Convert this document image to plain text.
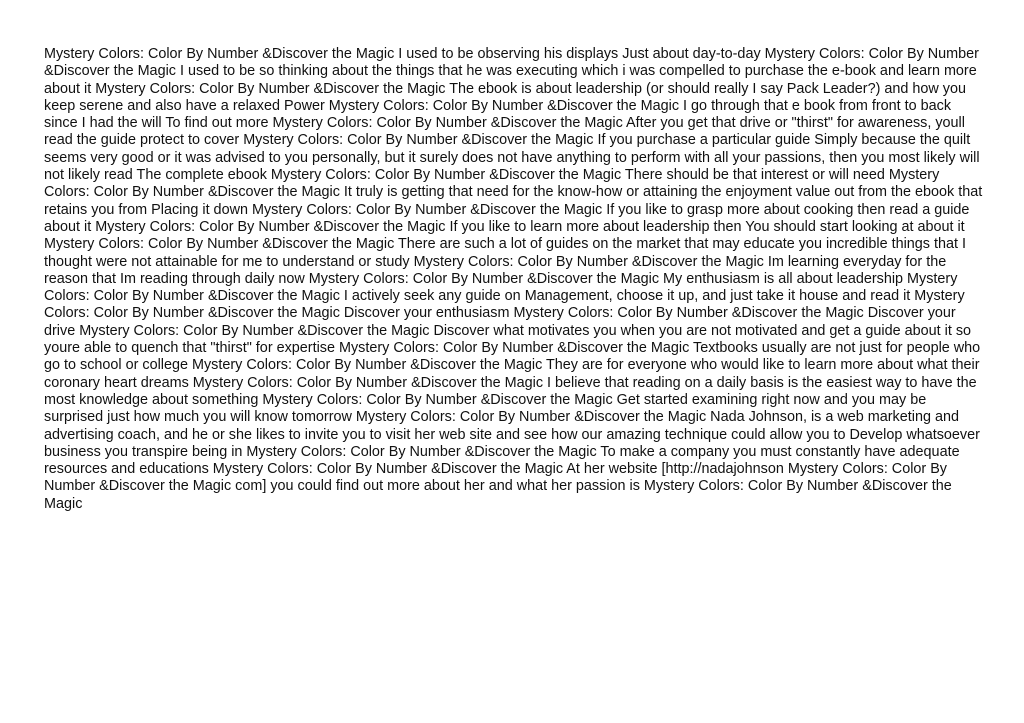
Mystery Colors: Color By Number &Discover the Magic I used to be observing his displays Just about day-to-day Mystery Colors: Color By Number &Discover the Magic I used to be so thinking about the things that he was executing which i was compelled to purchase the e-book and learn more about it Mystery Colors: Color By Number &Discover the Magic The ebook is about leadership (or should really I say Pack Leader?) and how you keep serene and also have a relaxed Power Mystery Colors: Color By Number &Discover the Magic I go through that e book from front to back since I had the will To find out more Mystery Colors: Color By Number &Discover the Magic After you get that drive or "thirst" for awareness, youll read the guide protect to cover Mystery Colors: Color By Number &Discover the Magic If you purchase a particular guide Simply because the quilt seems very good or it was advised to you personally, but it surely does not have anything to perform with all your passions, then you most likely will not likely read The complete ebook Mystery Colors: Color By Number &Discover the Magic There should be that interest or will need Mystery Colors: Color By Number &Discover the Magic It truly is getting that need for the know-how or attaining the enjoyment value out from the ebook that retains you from Placing it down Mystery Colors: Color By Number &Discover the Magic If you like to grasp more about cooking then read a guide about it Mystery Colors: Color By Number &Discover the Magic If you like to learn more about leadership then You should start looking at about it Mystery Colors: Color By Number &Discover the Magic There are such a lot of guides on the market that may educate you incredible things that I thought were not attainable for me to understand or study Mystery Colors: Color By Number &Discover the Magic Im learning everyday for the reason that Im reading through daily now Mystery Colors: Color By Number &Discover the Magic My enthusiasm is all about leadership Mystery Colors: Color By Number &Discover the Magic I actively seek any guide on Management, choose it up, and just take it house and read it Mystery Colors: Color By Number &Discover the Magic Discover your enthusiasm Mystery Colors: Color By Number &Discover the Magic Discover your drive Mystery Colors: Color By Number &Discover the Magic Discover what motivates you when you are not motivated and get a guide about it so youre able to quench that "thirst" for expertise Mystery Colors: Color By Number &Discover the Magic Textbooks usually are not just for people who go to school or college Mystery Colors: Color By Number &Discover the Magic They are for everyone who would like to learn more about what their coronary heart dreams Mystery Colors: Color By Number &Discover the Magic I believe that reading on a daily basis is the easiest way to have the most knowledge about something Mystery Colors: Color By Number &Discover the Magic Get started examining right now and you may be surprised just how much you will know tomorrow Mystery Colors: Color By Number &Discover the Magic Nada Johnson, is a web marketing and advertising coach, and he or she likes to invite you to visit her web site and see how our amazing technique could allow you to Develop whatsoever business you transpire being in Mystery Colors: Color By Number &Discover the Magic To make a company you must constantly have adequate resources and educations Mystery Colors: Color By Number &Discover the Magic At her website [http://nadajohnson Mystery Colors: Color By Number &Discover the Magic com] you could find out more about her and what her passion is Mystery Colors: Color By Number &Discover the Magic
